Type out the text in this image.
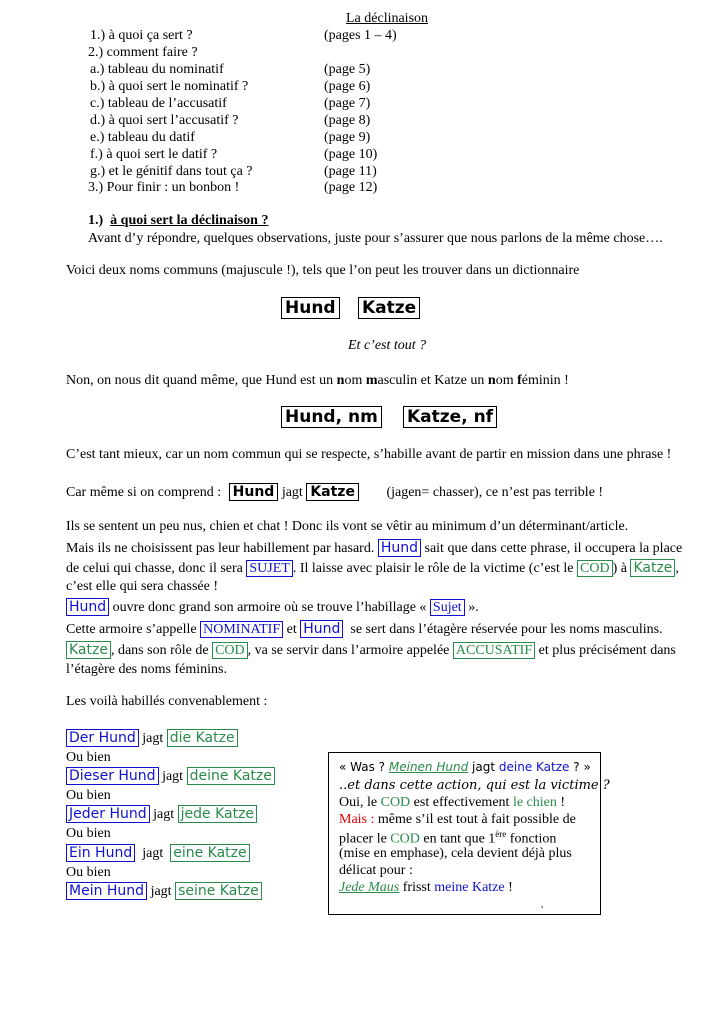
La déclinaison
1.) à quoi ça sert ?	(pages 1 – 4)
2.) comment faire ?
a.) tableau du nominatif	(page 5)
b.) à quoi sert le nominatif ?	(page 6)
c.) tableau de l’accusatif	(page 7)
d.) à quoi sert l’accusatif ?	(page 8)
e.) tableau du datif	(page 9)
f.) à quoi sert le datif ?	(page 10)
g.) et le génitif dans tout ça ?	(page 11)
3.) Pour finir : un bonbon !	(page 12)
1.) à quoi sert la déclinaison ?
Avant d’y répondre, quelques observations, juste pour s’assurer que nous parlons de la même chose….
Voici deux noms communs (majuscule !), tels que l’on peut les trouver dans un dictionnaire
Hund Katze
Et c’est tout ?
Non, on nous dit quand même, que Hund est un nom masculin et Katze un nom féminin !
Hund, nm Katze, nf
C’est tant mieux, car un nom commun qui se respecte, s’habille avant de partir en mission dans une phrase !
Car même si on comprend : Hund jagt Katze (jagen= chasser), ce n’est pas terrible !
Ils se sentent un peu nus, chien et chat ! Donc ils vont se vêtir au minimum d’un déterminant/article.
Mais ils ne choisissent pas leur habillement par hasard. Hund sait que dans cette phrase, il occupera la place
de celui qui chasse, donc il sera SUJET . Il laisse avec plaisir le rôle de la victime (c’est le COD ) à Katze ,
c’est elle qui sera chassée !
Hund ouvre donc grand son armoire où se trouve l’habillage « Sujet ».
Cette armoire s’appelle NOMINATIF et Hund se sert dans l’étagère réservée pour les noms masculins.
Katze , dans son rôle de COD , va se servir dans l’armoire appelée ACCUSATIF et plus précisément dans
l’étagère des noms féminins.
Les voilà habillés convenablement :
Der Hund jagt die Katze
Ou bien
Dieser Hund jagt deine Katze
Ou bien
Jeder Hund jagt jede Katze
Ou bien
Ein Hund  jagt  eine Katze
Ou bien
Mein Hund jagt seine Katze
« Was ? Meinen Hund jagt deine Katze ? »
..et dans cette action, qui est la victime ?
Oui, le COD est effectivement le chien !
Mais : même s’il est tout à fait possible de
placer le COD en tant que 1ère fonction
(mise en emphase), cela devient déjà plus
délicat pour :
Jede Maus frisst meine Katze !
,
